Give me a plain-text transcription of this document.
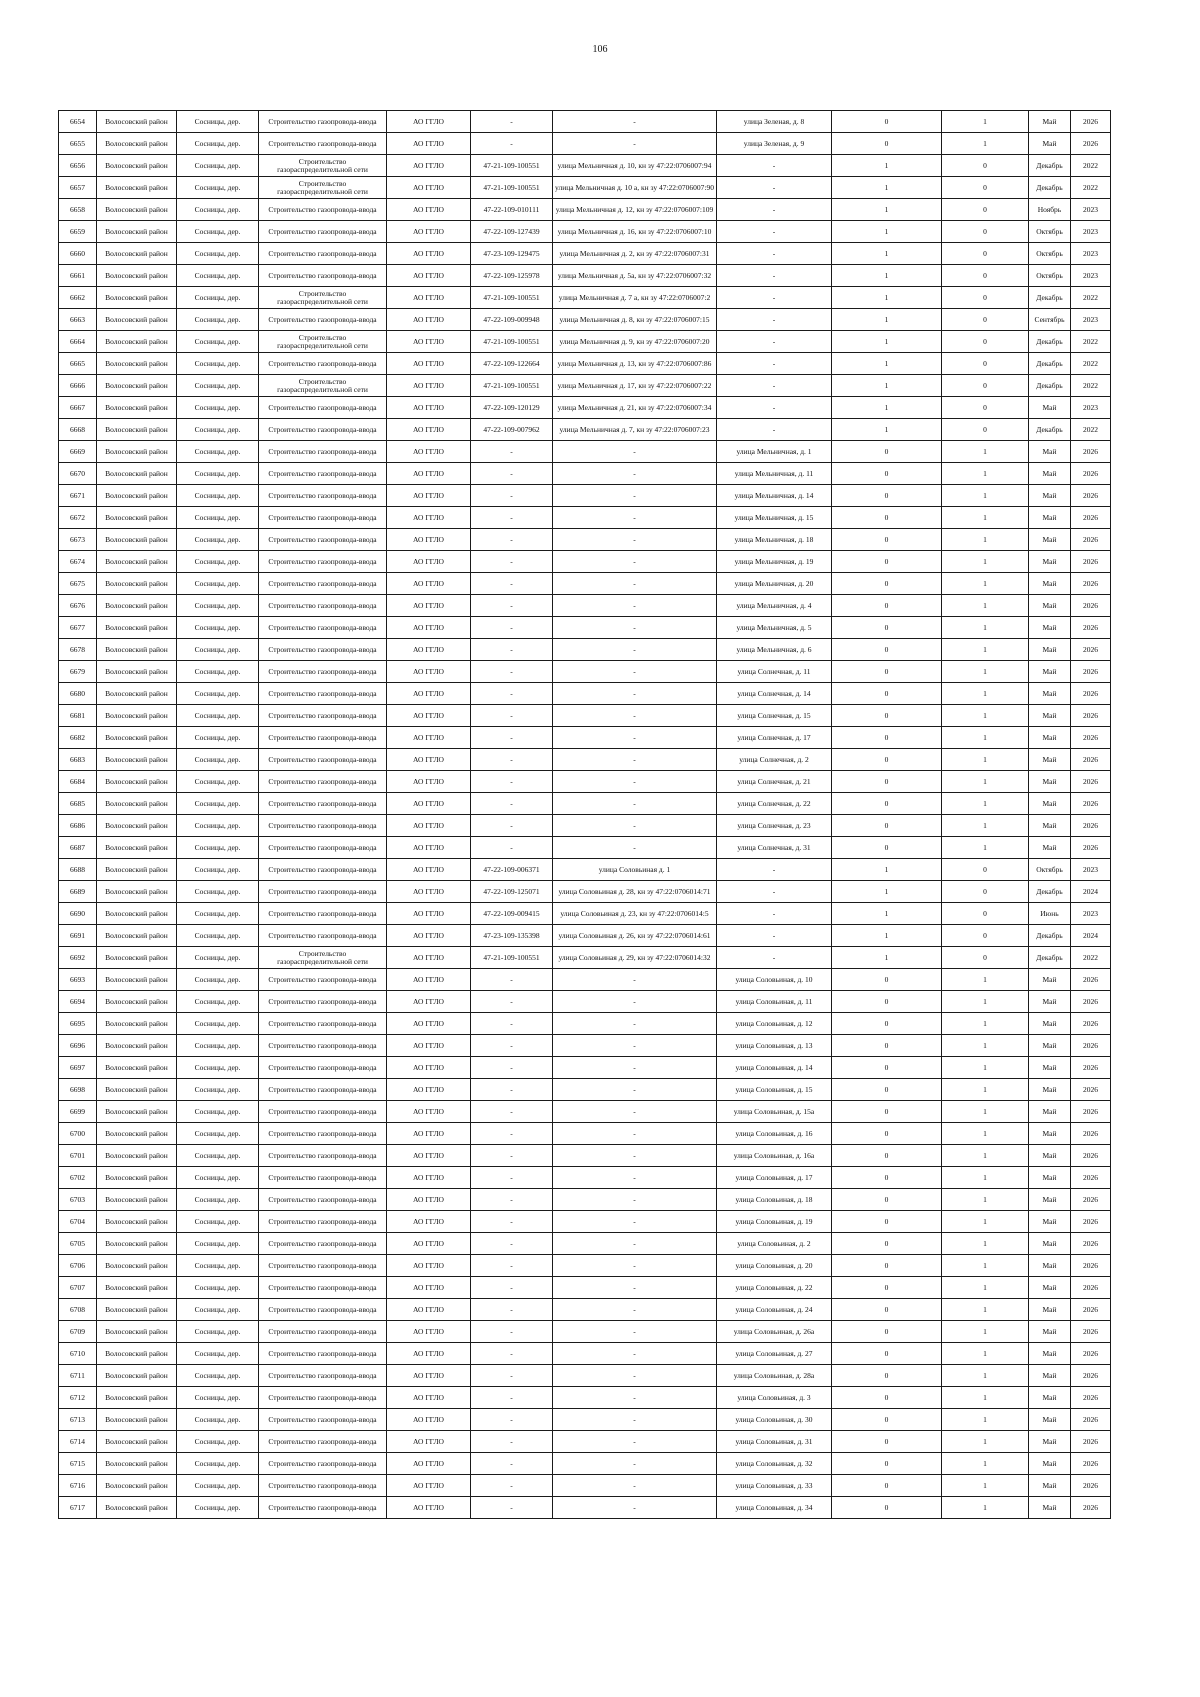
106
6654	Волосовский район	Сосницы, дер.	Строительство газопровода-ввода	АО ГГЛО	-	-	улица Зеленая, д. 8	0	1	Май	2026
6655	Волосовский район	Сосницы, дер.	Строительство газопровода-ввода	АО ГГЛО	-	-	улица Зеленая, д. 9	0	1	Май	2026
6656	Волосовский район	Сосницы, дер.	Строительство газораспределительной сети	АО ГГЛО	47-21-109-100551	улица Мельничная д. 10, кн зу 47:22:0706007:94	-	1	0	Декабрь	2022
6657	Волосовский район	Сосницы, дер.	Строительство газораспределительной сети	АО ГГЛО	47-21-109-100551	улица Мельничная д. 10 а, кн зу 47:22:0706007:90	-	1	0	Декабрь	2022
6658	Волосовский район	Сосницы, дер.	Строительство газопровода-ввода	АО ГГЛО	47-22-109-010111	улица Мельничная д. 12, кн зу 47:22:0706007:109	-	1	0	Ноябрь	2023
6659	Волосовский район	Сосницы, дер.	Строительство газопровода-ввода	АО ГГЛО	47-22-109-127439	улица Мельничная д. 16, кн зу 47:22:0706007:10	-	1	0	Октябрь	2023
6660	Волосовский район	Сосницы, дер.	Строительство газопровода-ввода	АО ГГЛО	47-23-109-129475	улица Мельничная д. 2, кн зу 47:22:0706007:31	-	1	0	Октябрь	2023
6661	Волосовский район	Сосницы, дер.	Строительство газопровода-ввода	АО ГГЛО	47-22-109-125978	улица Мельничная д. 5а, кн зу 47:22:0706007:32	-	1	0	Октябрь	2023
6662	Волосовский район	Сосницы, дер.	Строительство газораспределительной сети	АО ГГЛО	47-21-109-100551	улица Мельничная д. 7 а, кн зу 47:22:0706007:2	-	1	0	Декабрь	2022
6663	Волосовский район	Сосницы, дер.	Строительство газопровода-ввода	АО ГГЛО	47-22-109-009948	улица Мельничная д. 8, кн зу 47:22:0706007:15	-	1	0	Сентябрь	2023
6664	Волосовский район	Сосницы, дер.	Строительство газораспределительной сети	АО ГГЛО	47-21-109-100551	улица Мельничная д. 9, кн зу 47:22:0706007:20	-	1	0	Декабрь	2022
6665	Волосовский район	Сосницы, дер.	Строительство газопровода-ввода	АО ГГЛО	47-22-109-122664	улица Мельничная д. 13, кн зу 47:22:0706007:86	-	1	0	Декабрь	2022
6666	Волосовский район	Сосницы, дер.	Строительство газораспределительной сети	АО ГГЛО	47-21-109-100551	улица Мельничная д. 17, кн зу 47:22:0706007:22	-	1	0	Декабрь	2022
6667	Волосовский район	Сосницы, дер.	Строительство газопровода-ввода	АО ГГЛО	47-22-109-120129	улица Мельничная д. 21, кн зу 47:22:0706007:34	-	1	0	Май	2023
6668	Волосовский район	Сосницы, дер.	Строительство газопровода-ввода	АО ГГЛО	47-22-109-007962	улица Мельничная д. 7, кн зу 47:22:0706007:23	-	1	0	Декабрь	2022
6669	Волосовский район	Сосницы, дер.	Строительство газопровода-ввода	АО ГГЛО	-	-	улица Мельничная, д. 1	0	1	Май	2026
6670	Волосовский район	Сосницы, дер.	Строительство газопровода-ввода	АО ГГЛО	-	-	улица Мельничная, д. 11	0	1	Май	2026
6671	Волосовский район	Сосницы, дер.	Строительство газопровода-ввода	АО ГГЛО	-	-	улица Мельничная, д. 14	0	1	Май	2026
6672	Волосовский район	Сосницы, дер.	Строительство газопровода-ввода	АО ГГЛО	-	-	улица Мельничная, д. 15	0	1	Май	2026
6673	Волосовский район	Сосницы, дер.	Строительство газопровода-ввода	АО ГГЛО	-	-	улица Мельничная, д. 18	0	1	Май	2026
6674	Волосовский район	Сосницы, дер.	Строительство газопровода-ввода	АО ГГЛО	-	-	улица Мельничная, д. 19	0	1	Май	2026
6675	Волосовский район	Сосницы, дер.	Строительство газопровода-ввода	АО ГГЛО	-	-	улица Мельничная, д. 20	0	1	Май	2026
6676	Волосовский район	Сосницы, дер.	Строительство газопровода-ввода	АО ГГЛО	-	-	улица Мельничная, д. 4	0	1	Май	2026
6677	Волосовский район	Сосницы, дер.	Строительство газопровода-ввода	АО ГГЛО	-	-	улица Мельничная, д. 5	0	1	Май	2026
6678	Волосовский район	Сосницы, дер.	Строительство газопровода-ввода	АО ГГЛО	-	-	улица Мельничная, д. 6	0	1	Май	2026
6679	Волосовский район	Сосницы, дер.	Строительство газопровода-ввода	АО ГГЛО	-	-	улица Солнечная, д. 11	0	1	Май	2026
6680	Волосовский район	Сосницы, дер.	Строительство газопровода-ввода	АО ГГЛО	-	-	улица Солнечная, д. 14	0	1	Май	2026
6681	Волосовский район	Сосницы, дер.	Строительство газопровода-ввода	АО ГГЛО	-	-	улица Солнечная, д. 15	0	1	Май	2026
6682	Волосовский район	Сосницы, дер.	Строительство газопровода-ввода	АО ГГЛО	-	-	улица Солнечная, д. 17	0	1	Май	2026
6683	Волосовский район	Сосницы, дер.	Строительство газопровода-ввода	АО ГГЛО	-	-	улица Солнечная, д. 2	0	1	Май	2026
6684	Волосовский район	Сосницы, дер.	Строительство газопровода-ввода	АО ГГЛО	-	-	улица Солнечная, д. 21	0	1	Май	2026
6685	Волосовский район	Сосницы, дер.	Строительство газопровода-ввода	АО ГГЛО	-	-	улица Солнечная, д. 22	0	1	Май	2026
6686	Волосовский район	Сосницы, дер.	Строительство газопровода-ввода	АО ГГЛО	-	-	улица Солнечная, д. 23	0	1	Май	2026
6687	Волосовский район	Сосницы, дер.	Строительство газопровода-ввода	АО ГГЛО	-	-	улица Солнечная, д. 31	0	1	Май	2026
6688	Волосовский район	Сосницы, дер.	Строительство газопровода-ввода	АО ГГЛО	47-22-109-006371	улица Соловьиная д. 1	-	1	0	Октябрь	2023
6689	Волосовский район	Сосницы, дер.	Строительство газопровода-ввода	АО ГГЛО	47-22-109-125071	улица Соловьиная д. 28, кн зу 47:22:0706014:71	-	1	0	Декабрь	2024
6690	Волосовский район	Сосницы, дер.	Строительство газопровода-ввода	АО ГГЛО	47-22-109-009415	улица Соловьиная д. 23, кн зу 47:22:0706014:5	-	1	0	Июнь	2023
6691	Волосовский район	Сосницы, дер.	Строительство газопровода-ввода	АО ГГЛО	47-23-109-135398	улица Соловьиная д. 26, кн зу 47:22:0706014:61	-	1	0	Декабрь	2024
6692	Волосовский район	Сосницы, дер.	Строительство газораспределительной сети	АО ГГЛО	47-21-109-100551	улица Соловьиная д. 29, кн зу 47:22:0706014:32	-	1	0	Декабрь	2022
6693	Волосовский район	Сосницы, дер.	Строительство газопровода-ввода	АО ГГЛО	-	-	улица Соловьиная, д. 10	0	1	Май	2026
6694	Волосовский район	Сосницы, дер.	Строительство газопровода-ввода	АО ГГЛО	-	-	улица Соловьиная, д. 11	0	1	Май	2026
6695	Волосовский район	Сосницы, дер.	Строительство газопровода-ввода	АО ГГЛО	-	-	улица Соловьиная, д. 12	0	1	Май	2026
6696	Волосовский район	Сосницы, дер.	Строительство газопровода-ввода	АО ГГЛО	-	-	улица Соловьиная, д. 13	0	1	Май	2026
6697	Волосовский район	Сосницы, дер.	Строительство газопровода-ввода	АО ГГЛО	-	-	улица Соловьиная, д. 14	0	1	Май	2026
6698	Волосовский район	Сосницы, дер.	Строительство газопровода-ввода	АО ГГЛО	-	-	улица Соловьиная, д. 15	0	1	Май	2026
6699	Волосовский район	Сосницы, дер.	Строительство газопровода-ввода	АО ГГЛО	-	-	улица Соловьиная, д. 15а	0	1	Май	2026
6700	Волосовский район	Сосницы, дер.	Строительство газопровода-ввода	АО ГГЛО	-	-	улица Соловьиная, д. 16	0	1	Май	2026
6701	Волосовский район	Сосницы, дер.	Строительство газопровода-ввода	АО ГГЛО	-	-	улица Соловьиная, д. 16а	0	1	Май	2026
6702	Волосовский район	Сосницы, дер.	Строительство газопровода-ввода	АО ГГЛО	-	-	улица Соловьиная, д. 17	0	1	Май	2026
6703	Волосовский район	Сосницы, дер.	Строительство газопровода-ввода	АО ГГЛО	-	-	улица Соловьиная, д. 18	0	1	Май	2026
6704	Волосовский район	Сосницы, дер.	Строительство газопровода-ввода	АО ГГЛО	-	-	улица Соловьиная, д. 19	0	1	Май	2026
6705	Волосовский район	Сосницы, дер.	Строительство газопровода-ввода	АО ГГЛО	-	-	улица Соловьиная, д. 2	0	1	Май	2026
6706	Волосовский район	Сосницы, дер.	Строительство газопровода-ввода	АО ГГЛО	-	-	улица Соловьиная, д. 20	0	1	Май	2026
6707	Волосовский район	Сосницы, дер.	Строительство газопровода-ввода	АО ГГЛО	-	-	улица Соловьиная, д. 22	0	1	Май	2026
6708	Волосовский район	Сосницы, дер.	Строительство газопровода-ввода	АО ГГЛО	-	-	улица Соловьиная, д. 24	0	1	Май	2026
6709	Волосовский район	Сосницы, дер.	Строительство газопровода-ввода	АО ГГЛО	-	-	улица Соловьиная, д. 26а	0	1	Май	2026
6710	Волосовский район	Сосницы, дер.	Строительство газопровода-ввода	АО ГГЛО	-	-	улица Соловьиная, д. 27	0	1	Май	2026
6711	Волосовский район	Сосницы, дер.	Строительство газопровода-ввода	АО ГГЛО	-	-	улица Соловьиная, д. 28а	0	1	Май	2026
6712	Волосовский район	Сосницы, дер.	Строительство газопровода-ввода	АО ГГЛО	-	-	улица Соловьиная, д. 3	0	1	Май	2026
6713	Волосовский район	Сосницы, дер.	Строительство газопровода-ввода	АО ГГЛО	-	-	улица Соловьиная, д. 30	0	1	Май	2026
6714	Волосовский район	Сосницы, дер.	Строительство газопровода-ввода	АО ГГЛО	-	-	улица Соловьиная, д. 31	0	1	Май	2026
6715	Волосовский район	Сосницы, дер.	Строительство газопровода-ввода	АО ГГЛО	-	-	улица Соловьиная, д. 32	0	1	Май	2026
6716	Волосовский район	Сосницы, дер.	Строительство газопровода-ввода	АО ГГЛО	-	-	улица Соловьиная, д. 33	0	1	Май	2026
6717	Волосовский район	Сосницы, дер.	Строительство газопровода-ввода	АО ГГЛО	-	-	улица Соловьиная, д. 34	0	1	Май	2026
